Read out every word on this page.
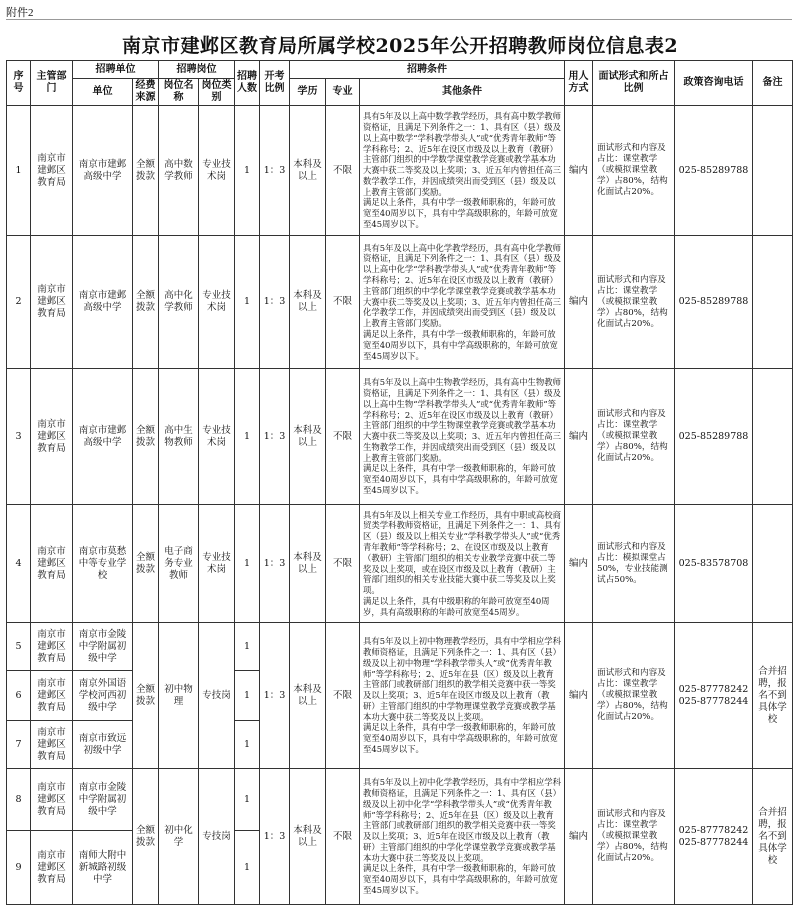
附件2
南京市建邺区教育局所属学校2025年公开招聘教师岗位信息表2
序号	主管部门	招聘单位		招聘岗位		招聘人数	开考比例	招聘条件			用人方式	面试形式和所占比例	政策咨询电话	备注
		单位	经费来源	岗位名称	岗位类别			学历	专业	其他条件				
1	南京市建邺区教育局	南京市建邺高级中学	全额拨款	高中数学教师	专业技术岗	1	1：3	本科及以上	不限	具有5年及以上高中数学教学经历，具有高中数学教师资格证，且满足下列条件之一：1、具有区（县）级及以上高中数学“学科教学带头人”或“优秀青年教师”等学科称号；2、近5年在设区市级及以上教育（教研）主管部门组织的中学数学课堂教学竞赛或教学基本功大赛中获二等奖及以上奖项；3、近五年内曾担任高三数学教学工作，并因成绩突出而受到区（县）级及以上教育主管部门奖励。
满足以上条件，具有中学一级教师职称的，年龄可放宽至40周岁以下，具有中学高级职称的，年龄可放宽至45周岁以下。	编内	面试形式和内容及占比：课堂教学（或模拟课堂教学）占80%，结构化面试占20%。	025-85289788	
2	南京市建邺区教育局	南京市建邺高级中学	全额拨款	高中化学教师	专业技术岗	1	1：3	本科及以上	不限	具有5年及以上高中化学教学经历，具有高中化学教师资格证，且满足下列条件之一：1、具有区（县）级及以上高中化学“学科教学带头人”或“优秀青年教师”等学科称号；2、近5年在设区市级及以上教育（教研）主管部门组织的中学化学课堂教学竞赛或教学基本功大赛中获二等奖及以上奖项；3、近五年内曾担任高三化学教学工作，并因成绩突出而受到区（县）级及以上教育主管部门奖励。
满足以上条件，具有中学一级教师职称的，年龄可放宽至40周岁以下，具有中学高级职称的，年龄可放宽至45周岁以下。	编内	面试形式和内容及占比：课堂教学（或模拟课堂教学）占80%，结构化面试占20%。	025-85289788	
3	南京市建邺区教育局	南京市建邺高级中学	全额拨款	高中生物教师	专业技术岗	1	1：3	本科及以上	不限	具有5年及以上高中生物教学经历，具有高中生物教师资格证，且满足下列条件之一：1、具有区（县）级及以上高中生物“学科教学带头人”或“优秀青年教师”等学科称号；2、近5年在设区市级及以上教育（教研）主管部门组织的中学生物课堂教学竞赛或教学基本功大赛中获二等奖及以上奖项；3、近五年内曾担任高三生物教学工作，并因成绩突出而受到区（县）级及以上教育主管部门奖励。
满足以上条件，具有中学一级教师职称的，年龄可放宽至40周岁以下，具有中学高级职称的，年龄可放宽至45周岁以下。	编内	面试形式和内容及占比：课堂教学（或模拟课堂教学）占80%，结构化面试占20%。	025-85289788	
4	南京市建邺区教育局	南京市莫愁中等专业学校	全额拨款	电子商务专业教师	专业技术岗	1	1：3	本科及以上	不限	具有5年及以上相关专业工作经历，具有中职或高校商贸类学科教师资格证，且满足下列条件之一：1、具有区（县）级及以上相关专业“学科教学带头人”或“优秀青年教师”等学科称号；2、在设区市级及以上教育（教研）主管部门组织的相关专业教学竞赛中获二等奖及以上奖项，或在设区市级及以上教育（教研）主管部门组织的相关专业技能大赛中获二等奖及以上奖项。
满足以上条件，具有中级职称的年龄可放宽至40周岁，具有高级职称的年龄可放宽至45周岁。	编内	面试形式和内容及占比：模拟课堂占50%，专业技能测试占50%。	025-83578708	
5	南京市建邺区教育局	南京市金陵中学附属初级中学	全额拨款	初中物理	专技岗	1	1：3	本科及以上	不限	具有5年及以上初中物理教学经历，具有中学相应学科教师资格证，且满足下列条件之一：1、具有区（县）级及以上初中物理“学科教学带头人”或“优秀青年教师”等学科称号；2、近5年在县（区）级及以上教育主管部门或教研部门组织的教学相关竞赛中获一等奖及以上奖项；3、近5年在设区市级及以上教育（教研）主管部门组织的中学物理课堂教学竞赛或教学基本功大赛中获二等奖及以上奖项。
满足以上条件，具有中学一级教师职称的，年龄可放宽至40周岁以下，具有中学高级职称的，年龄可放宽至45周岁以下。	编内	面试形式和内容及占比：课堂教学（或模拟课堂教学）占80%，结构化面试占20%。	025-87778242
025-87778244	合并招聘，报名不到具体学校
6	南京市建邺区教育局	南京外国语学校河西初级中学				1								
7	南京市建邺区教育局	南京市致远初级中学				1								
8	南京市建邺区教育局	南京市金陵中学附属初级中学	全额拨款	初中化学	专技岗	1	1：3	本科及以上	不限	具有5年及以上初中化学教学经历，具有中学相应学科教师资格证，且满足下列条件之一：1、具有区（县）级及以上初中化学“学科教学带头人”或“优秀青年教师”等学科称号；2、近5年在县（区）级及以上教育主管部门或教研部门组织的教学相关竞赛中获一等奖及以上奖项；3、近5年在设区市级及以上教育（教研）主管部门组织的中学化学课堂教学竞赛或教学基本功大赛中获二等奖及以上奖项。
满足以上条件，具有中学一级教师职称的，年龄可放宽至40周岁以下，具有中学高级职称的，年龄可放宽至45周岁以下。	编内	面试形式和内容及占比：课堂教学（或模拟课堂教学）占80%，结构化面试占20%。	025-87778242
025-87778244	合并招聘，报名不到具体学校
9	南京市建邺区教育局	南师大附中新城路初级中学				1								
